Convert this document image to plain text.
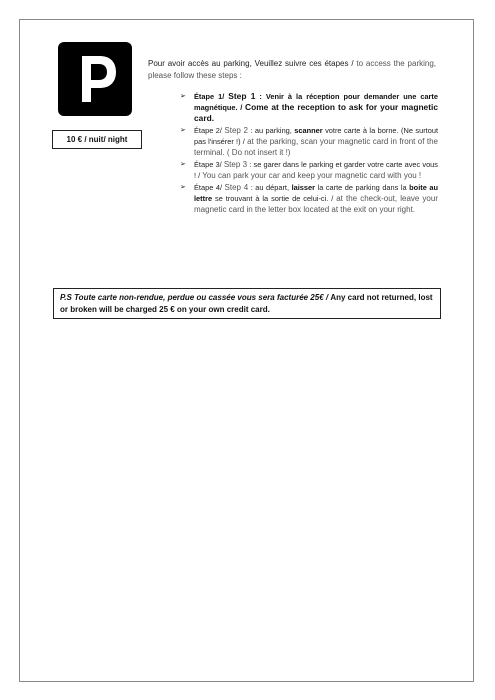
10 € / nuit/ night
Pour avoir accès au parking, Veuillez suivre ces étapes / to access the parking, please follow these steps :
➢ Étape 1/ Step 1 : Venir à la réception pour demander une carte magnétique. / Come at the reception to ask for your magnetic card.
➢ Étape 2/ Step 2 : au parking, scanner votre carte à la borne. (Ne surtout pas l'insérer !) / at the parking, scan your magnetic card in front of the terminal. ( Do not insert it !)
➢ Étape 3/ Step 3 : se garer dans le parking et garder votre carte avec vous ! / You can park your car and keep your magnetic card with you !
➢ Étape 4/ Step 4 : au départ, laisser la carte de parking dans la boite au lettre se trouvant à la sortie de celui-ci. / at the check-out, leave your magnetic card in the letter box located at the exit on your right.
P.S Toute carte non-rendue, perdue ou cassée vous sera facturée 25€ / Any card not returned, lost or broken will be charged 25 € on your own credit card.
